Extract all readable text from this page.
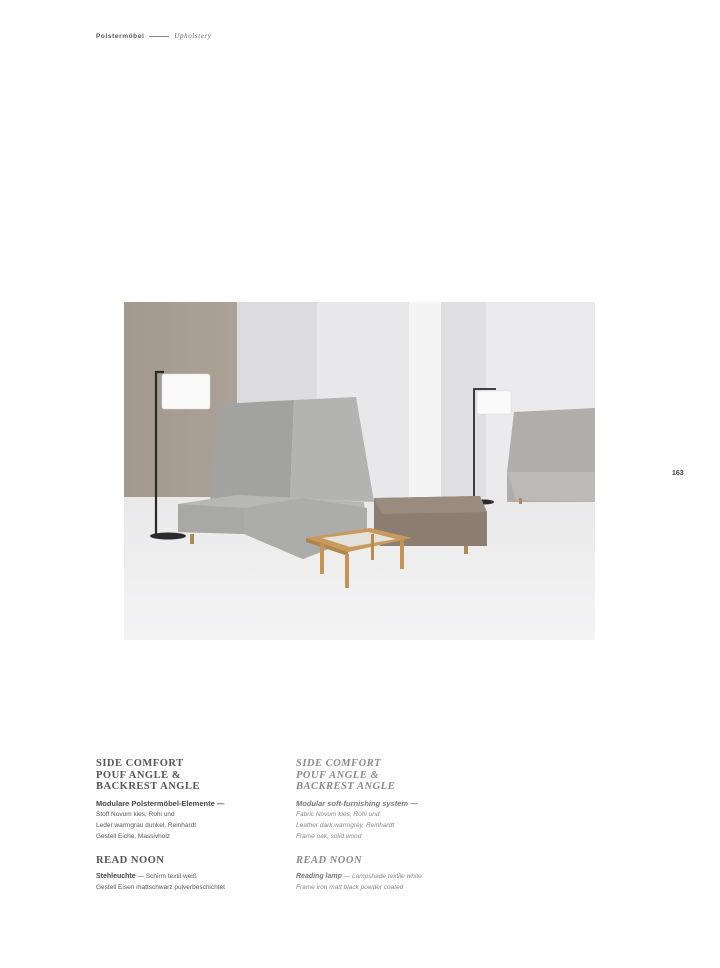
Polstermöbel	Upholstery
163

SIDE COMFORT
POUF ANGLE &
BACKREST ANGLE

Modulare Polstermöbel-Elemente —
Stoff Novum kies, Rohi und
Leder warmgrau dunkel, Reinhardt
Gestell Eiche, Massivholz

SIDE COMFORT
POUF ANGLE &
BACKREST ANGLE

Modular soft-furnishing system —
Fabric Novum kies, Rohi und
Leather dark warmgrey, Reinhardt
Frame oak, solid wood

READ NOON

Stehleuchte — Schirm textil weiß
Gestell Eisen mattschwarz pulverbeschichtet

READ NOON

Reading lamp — Lampshade textile white
Frame iron matt black powder coated
